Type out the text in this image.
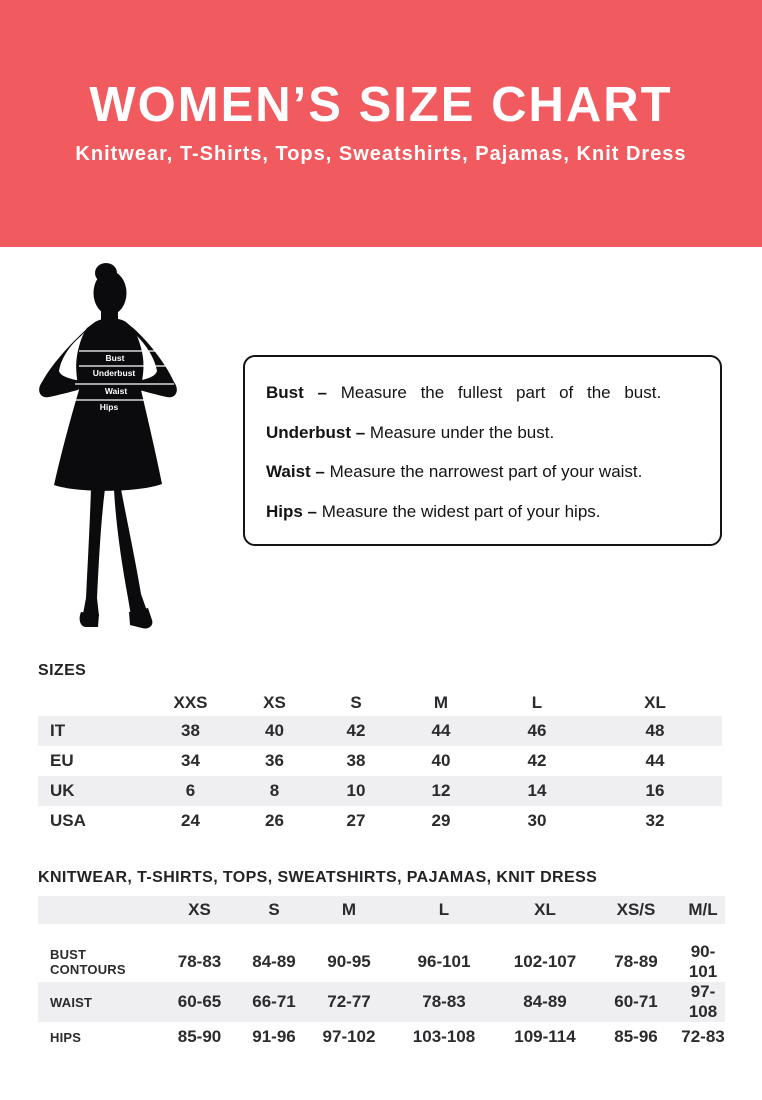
WOMEN’S SIZE CHART
Knitwear, T-Shirts, Tops, Sweatshirts, Pajamas, Knit Dress
Bust
Underbust
Waist
Hips

Bust – Measure the fullest part of the bust.

Underbust – Measure under the bust.

Waist – Measure the narrowest part of your waist.

Hips – Measure the widest part of your hips.

SIZES
	XXS	XS	S	M	L	XL
IT	38	40	42	44	46	48
EU	34	36	38	40	42	44
UK	6	8	10	12	14	16
USA	24	26	27	29	30	32
KNITWEAR, T-SHIRTS, TOPS, SWEATSHIRTS, PAJAMAS, KNIT DRESS
	XS	S	M	L	XL	XS/S	M/L

BUST CONTOURS	78-83	84-89	90-95	96-101	102-107	78-89	90-101
WAIST	60-65	66-71	72-77	78-83	84-89	60-71	97-108
HIPS	85-90	91-96	97-102	103-108	109-114	85-96	72-83
